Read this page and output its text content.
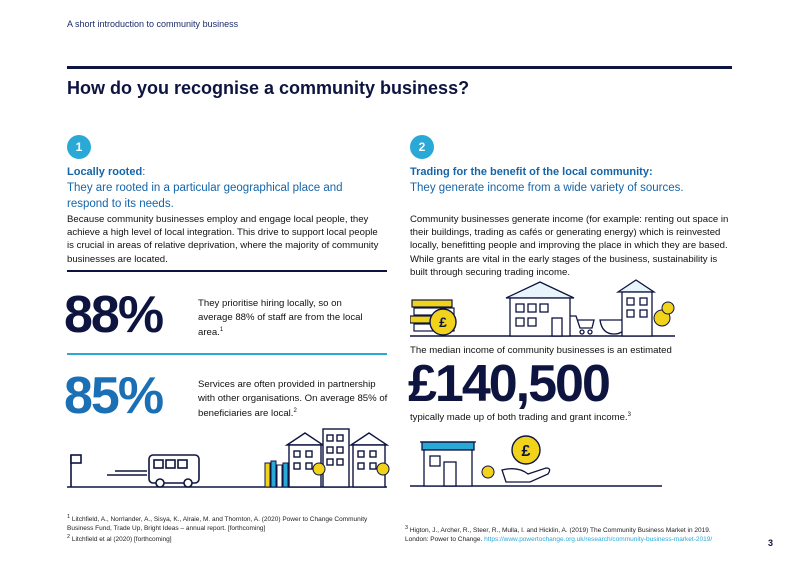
A short introduction to community business
How do you recognise a community business?
1
Locally rooted:
They are rooted in a particular geographical place and respond to its needs.
Because community businesses employ and engage local people, they achieve a high level of local integration. This drive to support local people is crucial in areas of relative deprivation, where the majority of community businesses are located.
88%	They prioritise hiring locally, so on average 88% of staff are from the local area.$^1$
85%	Services are often provided in partnership with other organisations. On average 85% of beneficiaries are local.$^2$
2
Trading for the benefit of the local community:
They generate income from a wide variety of sources.
Community businesses generate income (for example: renting out space in their buildings, trading as cafés or generating energy) which is reinvested locally, benefitting people and improving the place in which they are based. While grants are vital in the early stages of the business, sustainability is built through securing trading income.
£
The median income of community businesses is an estimated
£140,500
typically made up of both trading and grant income.$^3$
£
$^1$ Litchfield, A., Norrlander, A., Sisya, K., Alraie, M. and Thornton, A. (2020) Power to Change Community Business Fund, Trade Up, Bright Ideas – annual report. [forthcoming]
$^2$ Litchfield et al (2020) [forthcoming]
$^3$ Higton, J., Archer, R., Steer, R., Mulla, I. and Hicklin, A. (2019) The Community Business Market in 2019.
London: Power to Change. https://www.powertochange.org.uk/research/community-business-market-2019/	3
